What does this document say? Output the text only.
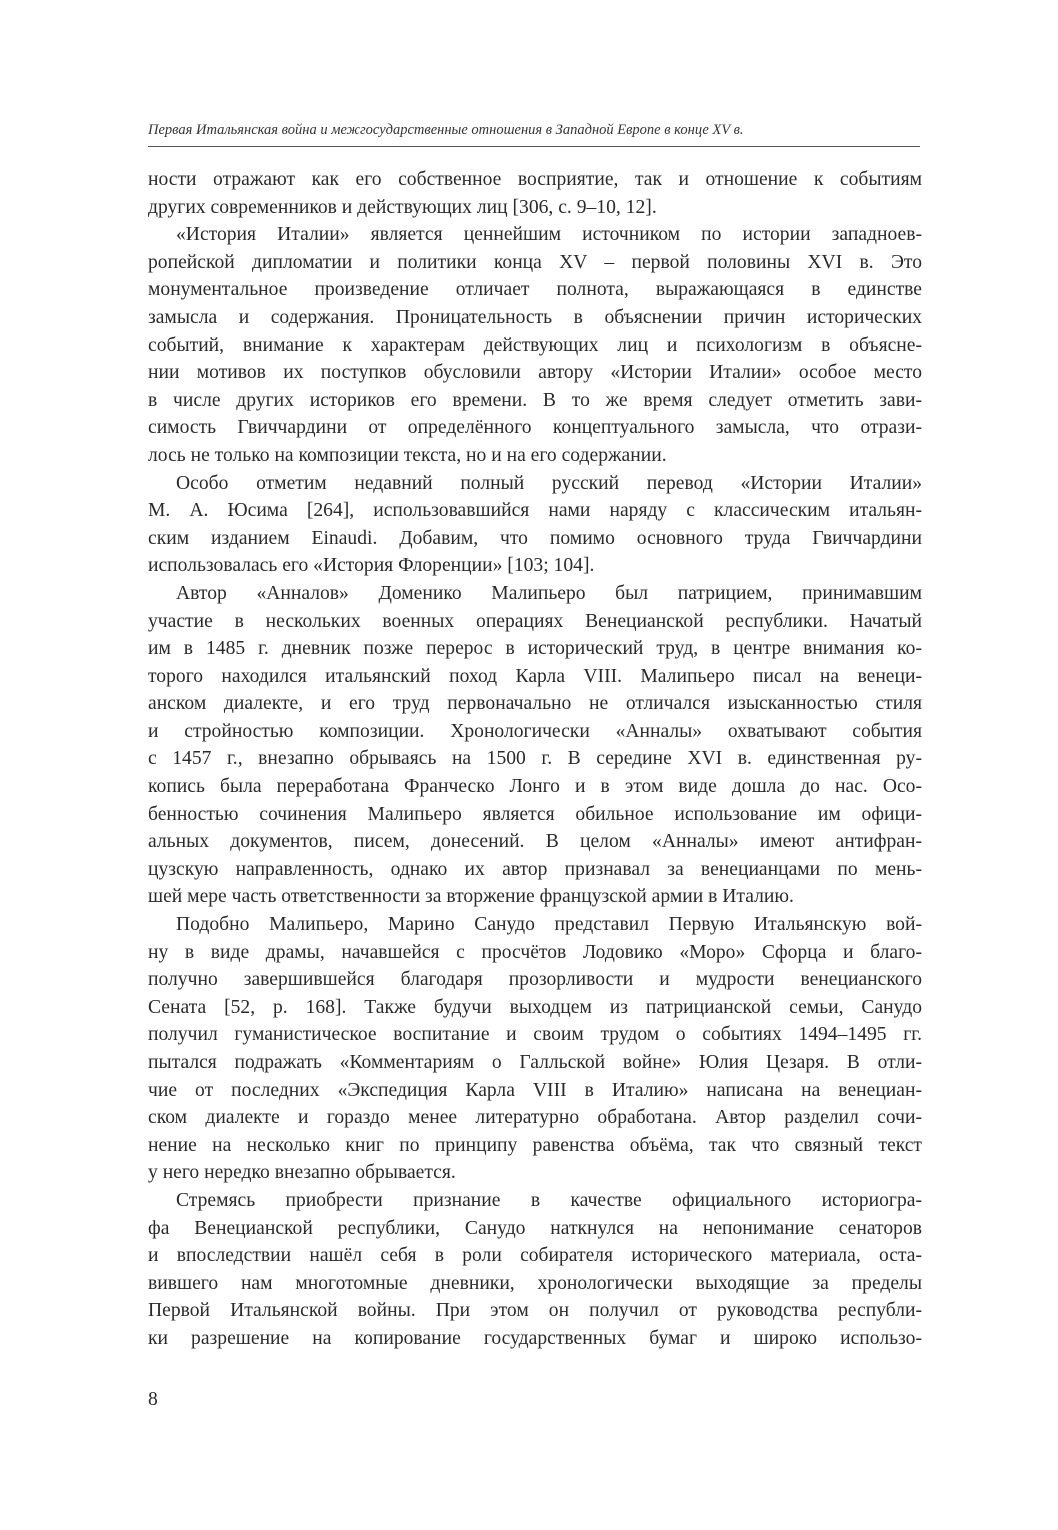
Первая Итальянская война и межгосударственные отношения в Западной Европе в конце XV в.
ности отражают как его собственное восприятие, так и отношение к событиям
других современников и действующих лиц [306, с. 9–10, 12].
«История Италии» является ценнейшим источником по истории западноев-
ропейской дипломатии и политики конца XV – первой половины XVI в. Это
монументальное произведение отличает полнота, выражающаяся в единстве
замысла и содержания. Проницательность в объяснении причин исторических
событий, внимание к характерам действующих лиц и психологизм в объясне-
нии мотивов их поступков обусловили автору «Истории Италии» особое место
в числе других историков его времени. В то же время следует отметить зави-
симость Гвиччардини от определённого концептуального замысла, что отрази-
лось не только на композиции текста, но и на его содержании.
Особо отметим недавний полный русский перевод «Истории Италии»
М. А. Юсима [264], использовавшийся нами наряду с классическим итальян-
ским изданием Einaudi. Добавим, что помимо основного труда Гвиччардини
использовалась его «История Флоренции» [103; 104].
Автор «Анналов» Доменико Малипьеро был патрицием, принимавшим
участие в нескольких военных операциях Венецианской республики. Начатый
им в 1485 г. дневник позже перерос в исторический труд, в центре внимания ко-
торого находился итальянский поход Карла VIII. Малипьеро писал на венеци-
анском диалекте, и его труд первоначально не отличался изысканностью стиля
и стройностью композиции. Хронологически «Анналы» охватывают события
с 1457 г., внезапно обрываясь на 1500 г. В середине XVI в. единственная ру-
копись была переработана Франческо Лонго и в этом виде дошла до нас. Осо-
бенностью сочинения Малипьеро является обильное использование им офици-
альных документов, писем, донесений. В целом «Анналы» имеют антифран-
цузскую направленность, однако их автор признавал за венецианцами по мень-
шей мере часть ответственности за вторжение французской армии в Италию.
Подобно Малипьеро, Марино Санудо представил Первую Итальянскую вой-
ну в виде драмы, начавшейся с просчётов Лодовико «Моро» Сфорца и благо-
получно завершившейся благодаря прозорливости и мудрости венецианского
Сената [52, p. 168]. Также будучи выходцем из патрицианской семьи, Санудо
получил гуманистическое воспитание и своим трудом о событиях 1494–1495 гг.
пытался подражать «Комментариям о Галльской войне» Юлия Цезаря. В отли-
чие от последних «Экспедиция Карла VIII в Италию» написана на венециан-
ском диалекте и гораздо менее литературно обработана. Автор разделил сочи-
нение на несколько книг по принципу равенства объёма, так что связный текст
у него нередко внезапно обрывается.
Стремясь приобрести признание в качестве официального историогра-
фа Венецианской республики, Санудо наткнулся на непонимание сенаторов
и впоследствии нашёл себя в роли собирателя исторического материала, оста-
вившего нам многотомные дневники, хронологически выходящие за пределы
Первой Итальянской войны. При этом он получил от руководства республи-
ки разрешение на копирование государственных бумаг и широко использо-
8
